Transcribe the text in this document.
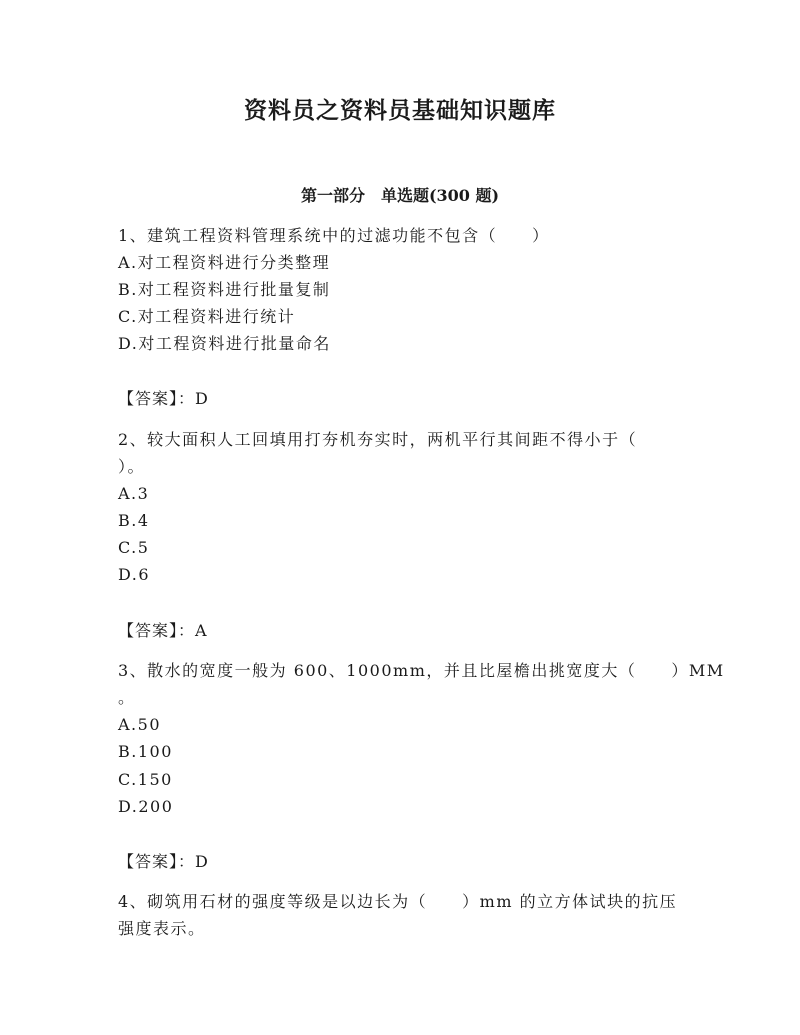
资料员之资料员基础知识题库
第一部分　单选题(300 题)
1、建筑工程资料管理系统中的过滤功能不包含（　　）
A.对工程资料进行分类整理
B.对工程资料进行批量复制
C.对工程资料进行统计
D.对工程资料进行批量命名
【答案】：D
2、较大面积人工回填用打夯机夯实时，两机平行其间距不得小于（
）。
A.3
B.4
C.5
D.6
【答案】：A
3、散水的宽度一般为 600、1000mm，并且比屋檐出挑宽度大（　　）MM
。
A.50
B.100
C.150
D.200
【答案】：D
4、砌筑用石材的强度等级是以边长为（　　）mm 的立方体试块的抗压
强度表示。
